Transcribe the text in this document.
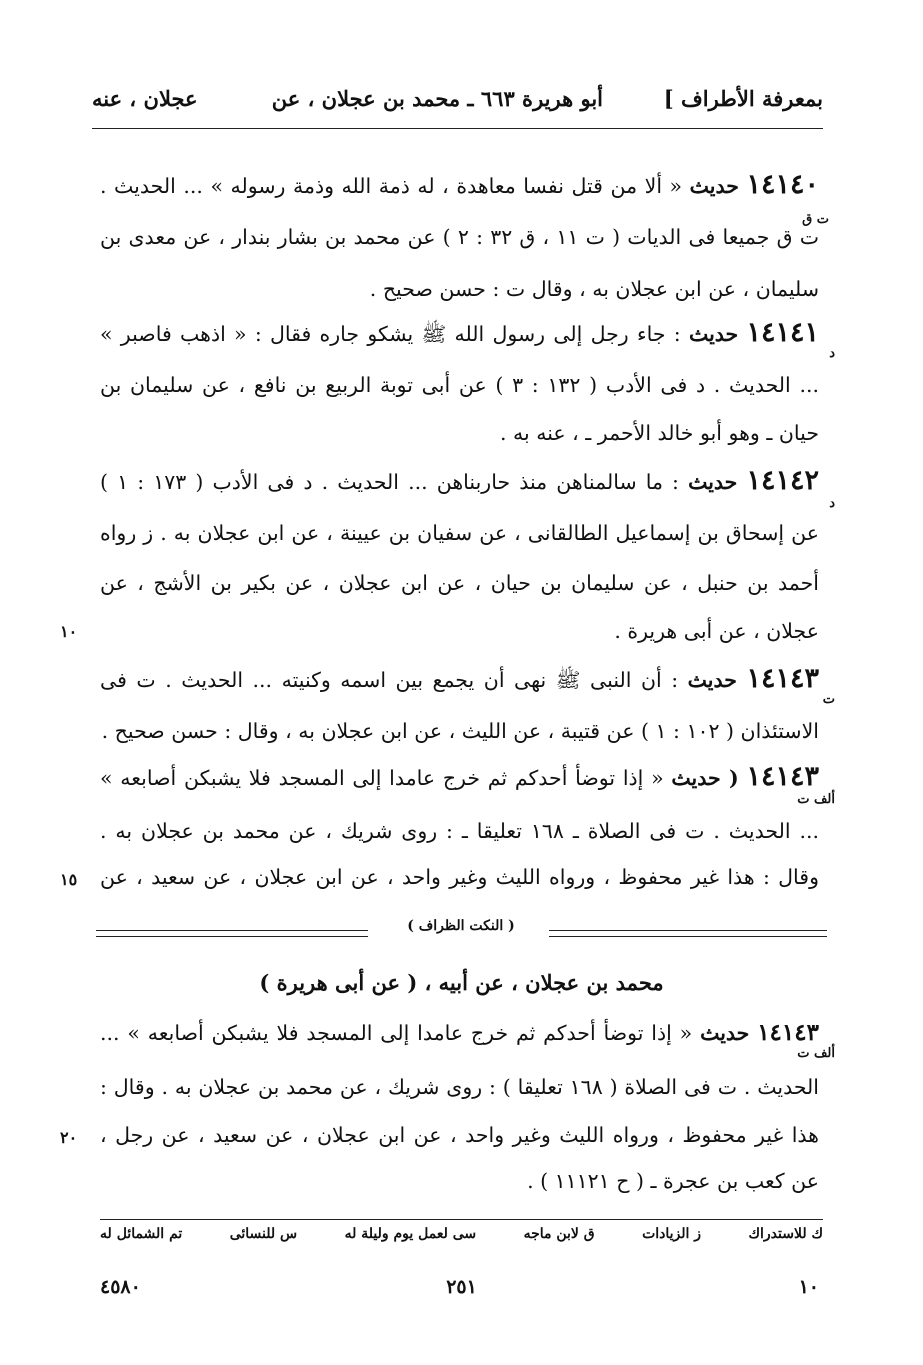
بمعرفة الأطراف ]
أبو هريرة ٦٦٣ ـ محمد بن عجلان ، عن
عجلان ، عنه
١٤١٤٠ حديث « ألا من قتل نفسا معاهدة ، له ذمة الله وذمة رسوله » ... الحديث .
ت ق
ت ق جميعا فى الديات ( ت ١١ ، ق ٣٢ : ٢ ) عن محمد بن بشار بندار ، عن معدى بن
سليمان ، عن ابن عجلان به ، وقال ت : حسن صحيح .
١٤١٤١ حديث : جاء رجل إلى رسول الله ﷺ يشكو جاره فقال : « اذهب فاصبر »
د
... الحديث . د فى الأدب ( ١٣٢ : ٣ ) عن أبى توبة الربيع بن نافع ، عن سليمان بن
حيان ـ وهو أبو خالد الأحمر ـ ، عنه به .
١٤١٤٢ حديث : ما سالمناهن منذ حاربناهن ... الحديث . د فى الأدب ( ١٧٣ : ١ )
د
عن إسحاق بن إسماعيل الطالقانى ، عن سفيان بن عيينة ، عن ابن عجلان به . ز رواه
أحمد بن حنبل ، عن سليمان بن حيان ، عن ابن عجلان ، عن بكير بن الأشج ، عن
عجلان ، عن أبى هريرة .
١٠
١٤١٤٣ حديث : أن النبى ﷺ نهى أن يجمع بين اسمه وكنيته ... الحديث . ت فى
ت
الاستئذان ( ١٠٢ : ١ ) عن قتيبة ، عن الليث ، عن ابن عجلان به ، وقال : حسن صحيح .
١٤١٤٣ ( حديث « إذا توضأ أحدكم ثم خرج عامدا إلى المسجد فلا يشبكن أصابعه »
ألف ت
... الحديث . ت فى الصلاة ـ ١٦٨ تعليقا ـ : روى شريك ، عن محمد بن عجلان به .
وقال : هذا غير محفوظ ، ورواه الليث وغير واحد ، عن ابن عجلان ، عن سعيد ، عن
١٥
( النكت الظراف )
محمد بن عجلان ، عن أبيه ، ( عن أبى هريرة )
١٤١٤٣ حديث « إذا توضأ أحدكم ثم خرج عامدا إلى المسجد فلا يشبكن أصابعه » ...
ألف ت
الحديث . ت فى الصلاة ( ١٦٨ تعليقا ) : روى شريك ، عن محمد بن عجلان به . وقال :
هذا غير محفوظ ، ورواه الليث وغير واحد ، عن ابن عجلان ، عن سعيد ، عن رجل ،
عن كعب بن عجرة ـ ( ح ١١١٢١ ) .
٢٠
تم الشمائل له	س للنسائى	سى لعمل يوم وليلة له	ق لابن ماجه	ز الزيادات	ك للاستدراك
١٠
٢٥١
٤٥٨٠
